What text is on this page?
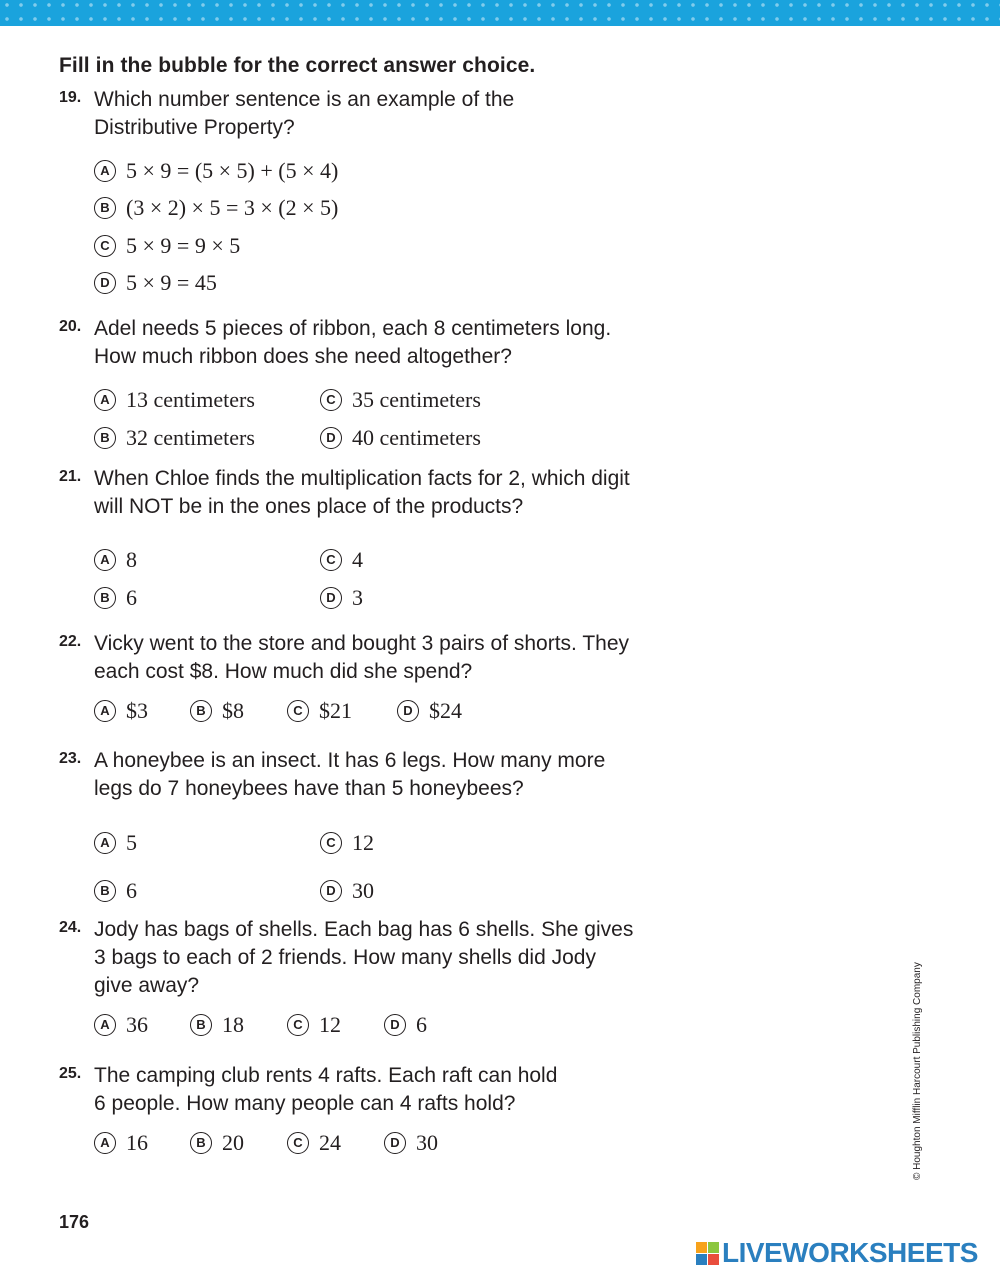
Fill in the bubble for the correct answer choice.
19. Which number sentence is an example of the
Distributive Property?
A 5 × 9 = (5 × 5) + (5 × 4)
B (3 × 2) × 5 = 3 × (2 × 5)
C 5 × 9 = 9 × 5
D 5 × 9 = 45
20. Adel needs 5 pieces of ribbon, each 8 centimeters long.
How much ribbon does she need altogether?
A 13 centimeters	C 35 centimeters
B 32 centimeters	D 40 centimeters
21. When Chloe finds the multiplication facts for 2, which digit
will NOT be in the ones place of the products?
A 8	C 4
B 6	D 3
22. Vicky went to the store and bought 3 pairs of shorts. They
each cost $8. How much did she spend?
A $3	B $8	C $21	D $24
23. A honeybee is an insect. It has 6 legs. How many more
legs do 7 honeybees have than 5 honeybees?
A 5	C 12
B 6	D 30
24. Jody has bags of shells. Each bag has 6 shells. She gives
3 bags to each of 2 friends. How many shells did Jody
give away?
A 36	B 18	C 12	D 6
25. The camping club rents 4 rafts. Each raft can hold
6 people. How many people can 4 rafts hold?
A 16	B 20	C 24	D 30	© Houghton Mifflin Harcourt Publishing Company
176
LIVEWORKSHEETS
